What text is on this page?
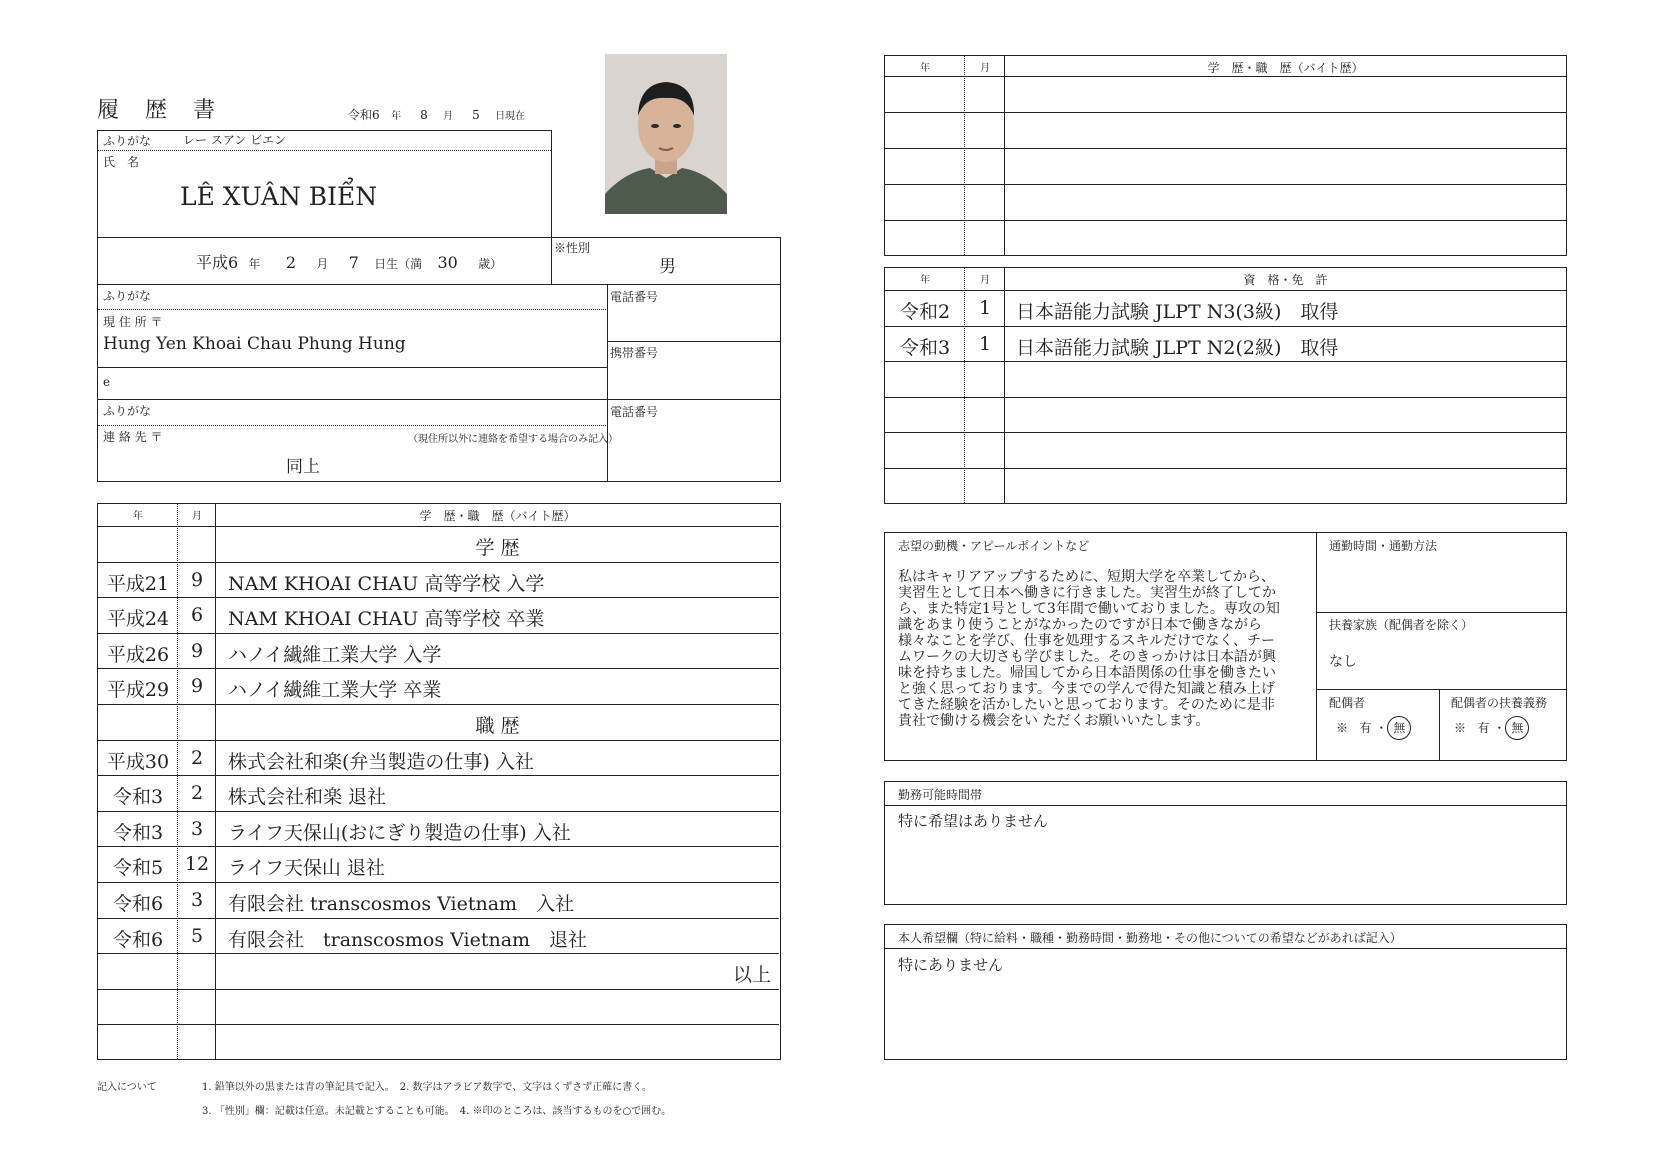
履　歴　書	令和6 年 8 月 5 日現在
ふりがな	レー スアン ビエン
氏　名
LÊ XUÂN BIỂN
平成6 年 2 月 7 日生（満 30 歳）
※性別
男
ふりがな
現 住 所 〒
Hung Yen Khoai Chau Phung Hung
電話番号
携帯番号
e
ふりがな
連 絡 先 〒	（現住所以外に連絡を希望する場合のみ記入）
同上
電話番号
年	月	学　歴・職　歴（バイト歴）
学 歴
平成21	9	NAM KHOAI CHAU 高等学校 入学
平成24	6	NAM KHOAI CHAU 高等学校 卒業
平成26	9	ハノイ繊維工業大学 入学
平成29	9	ハノイ繊維工業大学 卒業
職 歴
平成30	2	株式会社和楽(弁当製造の仕事) 入社
令和3	2	株式会社和楽 退社
令和3	3	ライフ天保山(おにぎり製造の仕事) 入社
令和5	12 ライフ天保山 退社
令和6	3	有限会社 transcosmos Vietnam　入社
令和6	5	有限会社　transcosmos Vietnam　退社
以上
記入について	1. 鉛筆以外の黒または青の筆記具で記入。　2. 数字はアラビア数字で、文字はくずさず正確に書く。
3. 「性別」欄：記載は任意。未記載とすることも可能。　4. ※印のところは、該当するものを○で囲む。
年	月	学　歴・職　歴（バイト歴）
年	月	資　格・免　許
令和2	1	日本語能力試験 JLPT N3(3級)　取得
令和3	1	日本語能力試験 JLPT N2(2級)　取得
志望の動機・アピールポイントなど
私はキャリアアップするために、短期大学を卒業してから、
実習生として日本へ働きに行きました。実習生が終了してか
ら、また特定1号として3年間で働いておりました。専攻の知
識をあまり使うことがなかったのですが日本で働きながら
様々なことを学び、仕事を処理するスキルだけでなく、チー
ムワークの大切さも学びました。そのきっかけは日本語が興
味を持ちました。帰国してから日本語関係の仕事を働きたい
と強く思っております。今までの学んで得た知識と積み上げ
てきた経験を活かしたいと思っております。そのために是非
貴社で働ける機会をい ただくお願いいたします。
通勤時間・通勤方法
扶養家族（配偶者を除く）
なし
配偶者
※ 有 ・ 無
配偶者の扶養義務
※ 有 ・ 無
勤務可能時間帯
特に希望はありません
本人希望欄（特に給料・職種・勤務時間・勤務地・その他についての希望などがあれば記入）
特にありません
